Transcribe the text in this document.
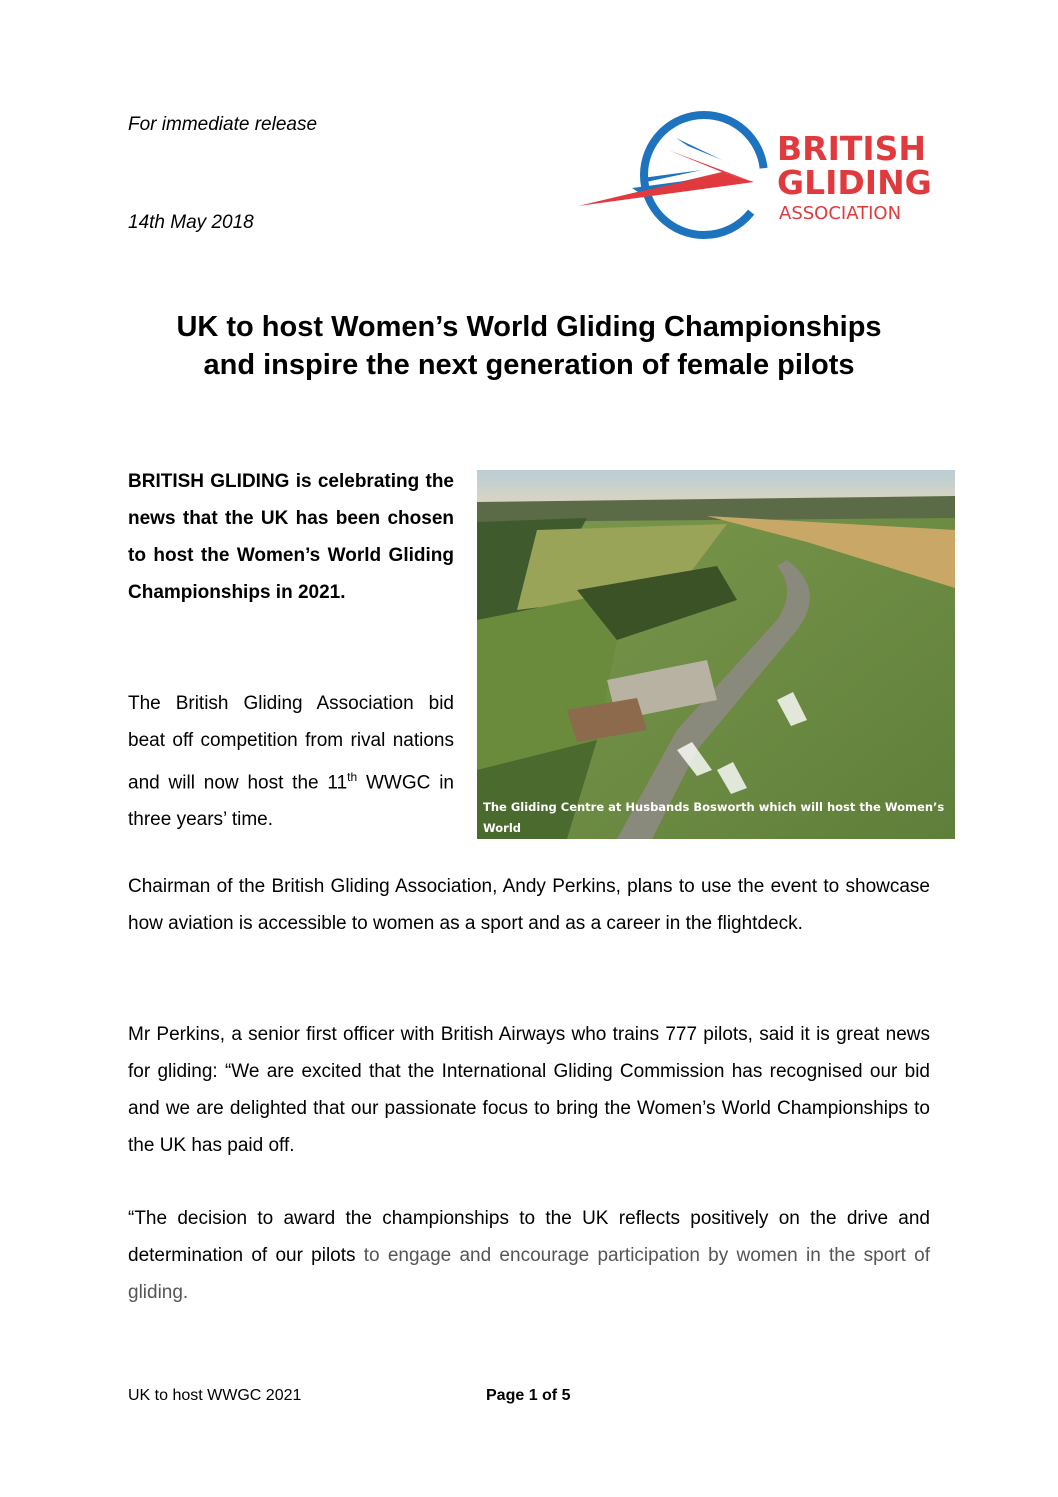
For immediate release
14th May 2018
BRITISH
GLIDING
ASSOCIATION
UK to host Women’s World Gliding Championships
and inspire the next generation of female pilots
BRITISH GLIDING is celebrating the news that the UK has been chosen to host the Women’s World Gliding Championships in 2021.
The British Gliding Association bid beat off competition from rival nations and will now host the 11th WWGC in three years’ time.
The Gliding Centre at Husbands Bosworth which will host the Women’s World
Championships in 2021. (Photo: www.peteralvey.com)
Chairman of the British Gliding Association, Andy Perkins, plans to use the event to showcase how aviation is accessible to women as a sport and as a career in the flightdeck.
Mr Perkins, a senior first officer with British Airways who trains 777 pilots, said it is great news for gliding: “We are excited that the International Gliding Commission has recognised our bid and we are delighted that our passionate focus to bring the Women’s World Championships to the UK has paid off.
“The decision to award the championships to the UK reflects positively on the drive and determination of our pilots to engage and encourage participation by women in the sport of gliding.
UK to host WWGC 2021	Page 1 of 5
